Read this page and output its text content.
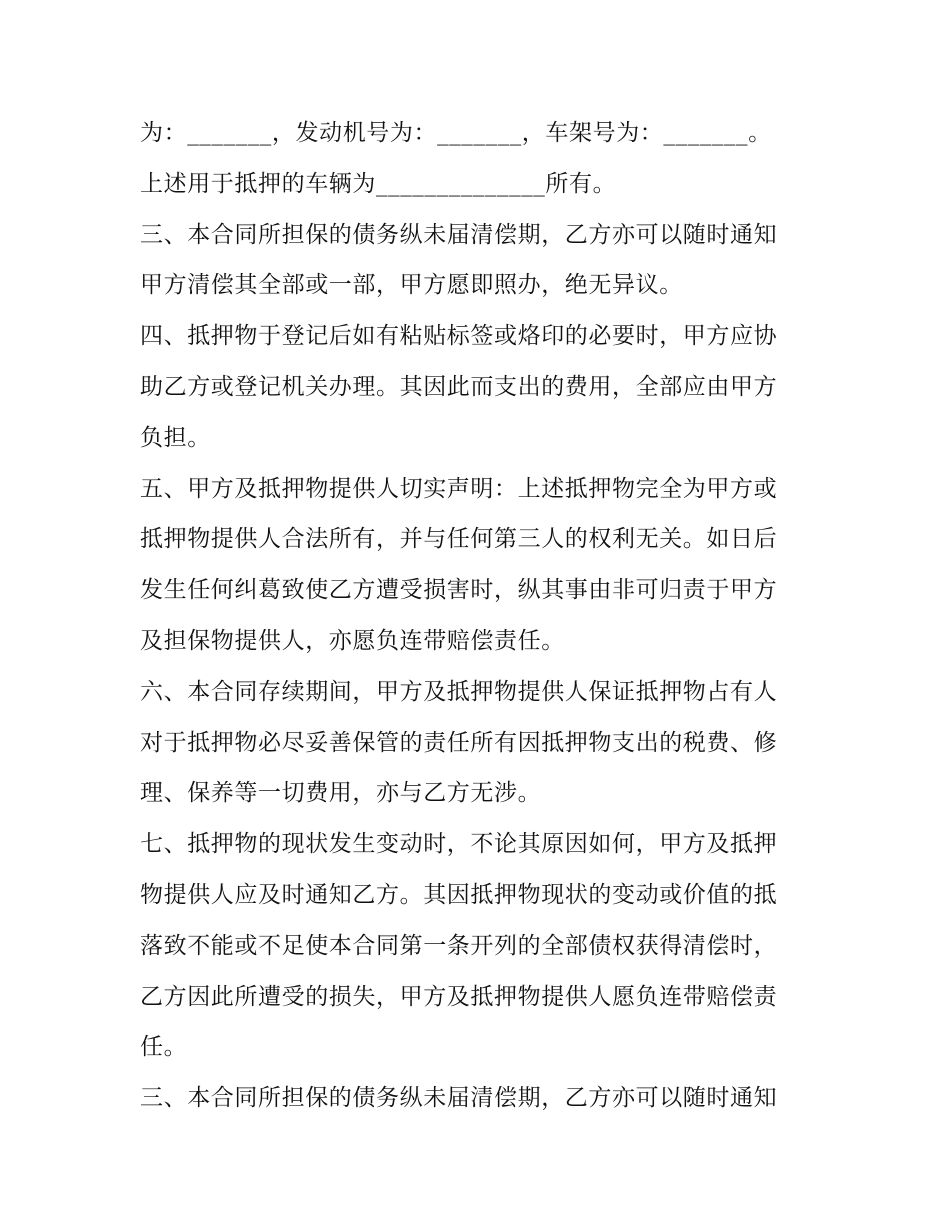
为：_______，发动机号为：_______，车架号为：_______。
上述用于抵押的车辆为______________所有。
三、本合同所担保的债务纵未届清偿期，乙方亦可以随时通知
甲方清偿其全部或一部，甲方愿即照办，绝无异议。
四、抵押物于登记后如有粘贴标签或烙印的必要时，甲方应协
助乙方或登记机关办理。其因此而支出的费用，全部应由甲方
负担。
五、甲方及抵押物提供人切实声明：上述抵押物完全为甲方或
抵押物提供人合法所有，并与任何第三人的权利无关。如日后
发生任何纠葛致使乙方遭受损害时，纵其事由非可归责于甲方
及担保物提供人，亦愿负连带赔偿责任。
六、本合同存续期间，甲方及抵押物提供人保证抵押物占有人
对于抵押物必尽妥善保管的责任所有因抵押物支出的税费、修
理、保养等一切费用，亦与乙方无涉。
七、抵押物的现状发生变动时，不论其原因如何，甲方及抵押
物提供人应及时通知乙方。其因抵押物现状的变动或价值的抵
落致不能或不足使本合同第一条开列的全部债权获得清偿时，
乙方因此所遭受的损失，甲方及抵押物提供人愿负连带赔偿责
任。
三、本合同所担保的债务纵未届清偿期，乙方亦可以随时通知
